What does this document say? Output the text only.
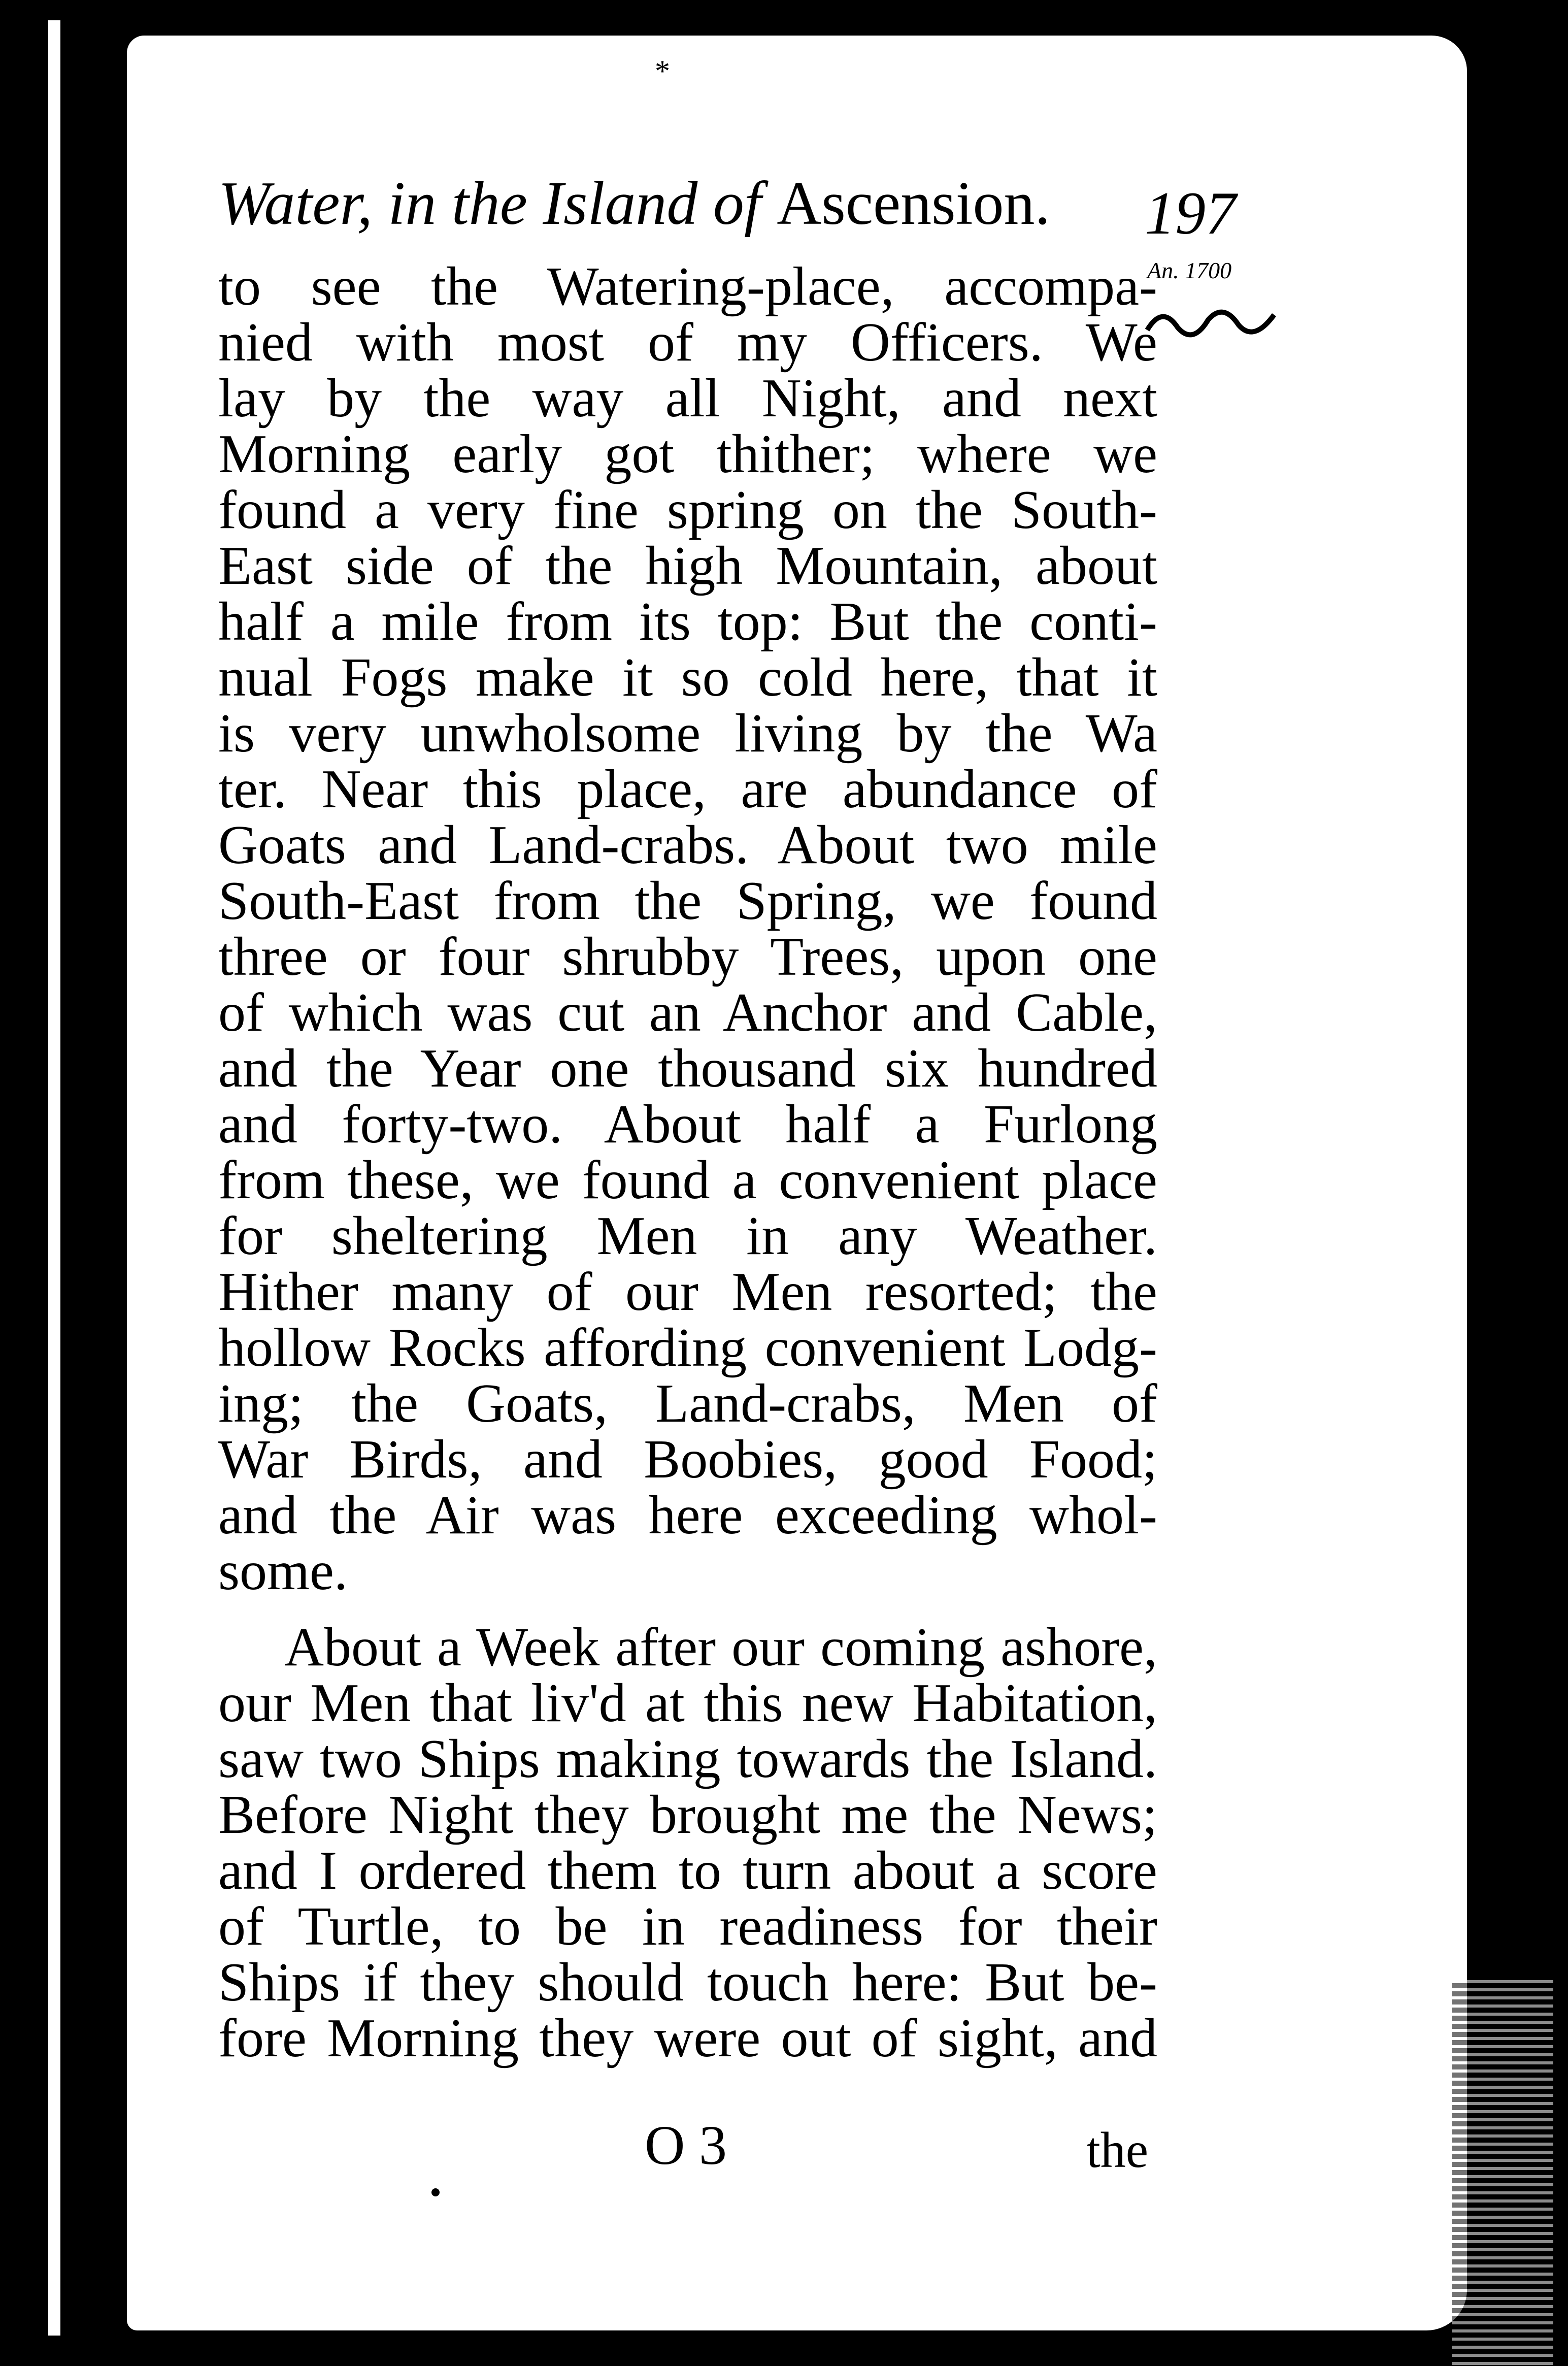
*
Water, in the Island of Ascension. 197
An. 1700
to see the Watering-place, accompa-
nied with most of my Officers. We
lay by the way all Night, and next
Morning early got thither; where we
found a very fine spring on the South-
East side of the high Mountain, about
half a mile from its top: But the conti-
nual Fogs make it so cold here, that it
is very unwholsome living by the Wa
ter. Near this place, are abundance of
Goats and Land-crabs. About two mile
South-East from the Spring, we found
three or four shrubby Trees, upon one
of which was cut an Anchor and Cable,
and the Year one thousand six hundred
and forty-two. About half a Furlong
from these, we found a convenient place
for sheltering Men in any Weather.
Hither many of our Men resorted; the
hollow Rocks affording convenient Lodg-
ing; the Goats, Land-crabs, Men of
War Birds, and Boobies, good Food;
and the Air was here exceeding whol-
some.
About a Week after our coming ashore,
our Men that liv'd at this new Habitation,
saw two Ships making towards the Island.
Before Night they brought me the News;
and I ordered them to turn about a score
of Turtle, to be in readiness for their
Ships if they should touch here: But be-
fore Morning they were out of sight, and
O 3	the
